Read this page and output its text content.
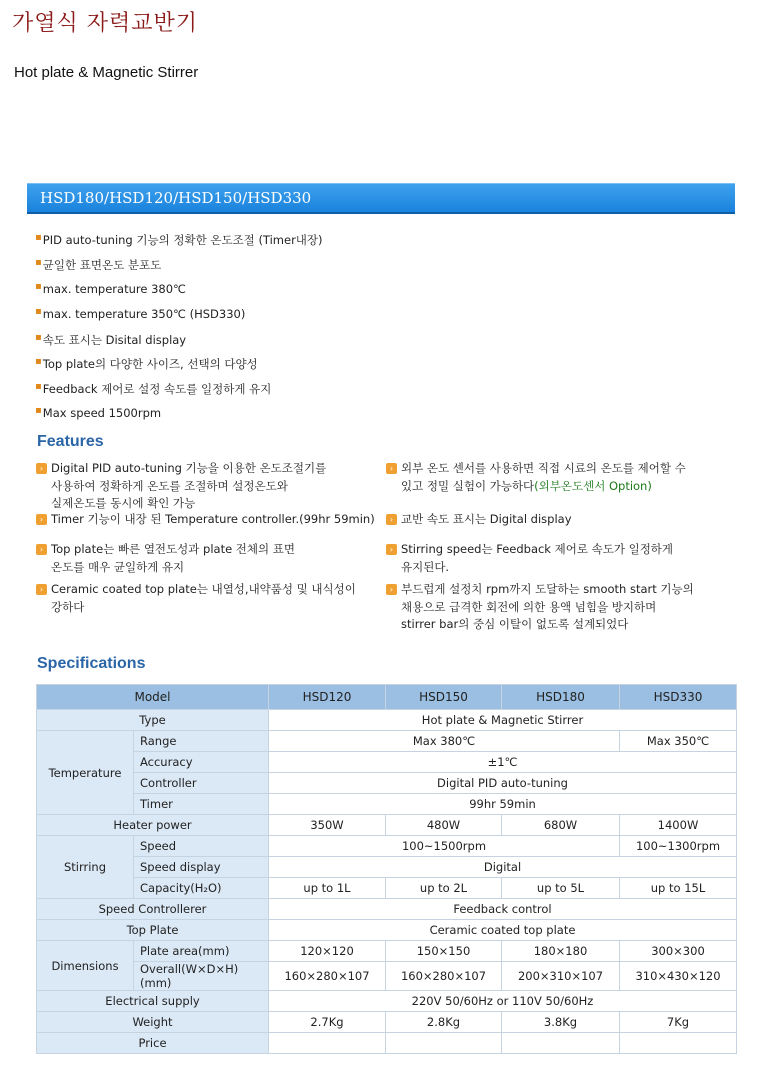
가열식 자력교반기
Hot plate & Magnetic Stirrer
HSD180/HSD120/HSD150/HSD330
▪PID auto-tuning 기능의 정확한 온도조절 (Timer내장)
▪균일한 표면온도 분포도
▪max. temperature 380℃
▪max. temperature 350℃ (HSD330)
▪속도 표시는 Disital display
▪Top plate의 다양한 사이즈, 선택의 다양성
▪Feedback 제어로 설정 속도를 일정하게 유지
▪Max speed 1500rpm
Features
› Digital PID auto-tuning 기능을 이용한 온도조절기를
사용하여 정확하게 온도를 조절하며 설정온도와
실제온도를 동시에 확인 가능
› Timer 기능이 내장 된 Temperature controller.(99hr 59min)
› Top plate는 빠른 열전도성과 plate 전체의 표면
온도를 매우 균일하게 유지
› Ceramic coated top plate는 내열성,내약품성 및 내식성이
강하다
› 외부 온도 센서를 사용하면 직접 시료의 온도를 제어할 수
있고 정밀 실험이 가능하다(외부온도센서 Option)
› 교반 속도 표시는 Digital display
› Stirring speed는 Feedback 제어로 속도가 일정하게
유지된다.
› 부드럽게 설정치 rpm까지 도달하는 smooth start 기능의
채용으로 급격한 회전에 의한 용액 넘힘을 방지하며
stirrer bar의 중심 이탈이 없도록 설계되었다
Specifications
Model		HSD120	HSD150	HSD180	HSD330
Type		Hot plate & Magnetic Stirrer			
Temperature	Range	Max 380℃			Max 350℃
	Accuracy	±1℃			
	Controller	Digital PID auto-tuning			
	Timer	99hr 59min			
Heater power		350W	480W	680W	1400W
Stirring	Speed	100~1500rpm			100~1300rpm
	Speed display	Digital			
	Capacity(H₂O)	up to 1L	up to 2L	up to 5L	up to 15L
Speed Controllerer		Feedback control			
Top Plate		Ceramic coated top plate			
Dimensions	Plate area(mm)	120×120	150×150	180×180	300×300
	Overall(W×D×H)(mm)	160×280×107	160×280×107	200×310×107	310×430×120
Electrical supply		220V 50/60Hz or 110V 50/60Hz			
Weight		2.7Kg	2.8Kg	3.8Kg	7Kg
Price					
